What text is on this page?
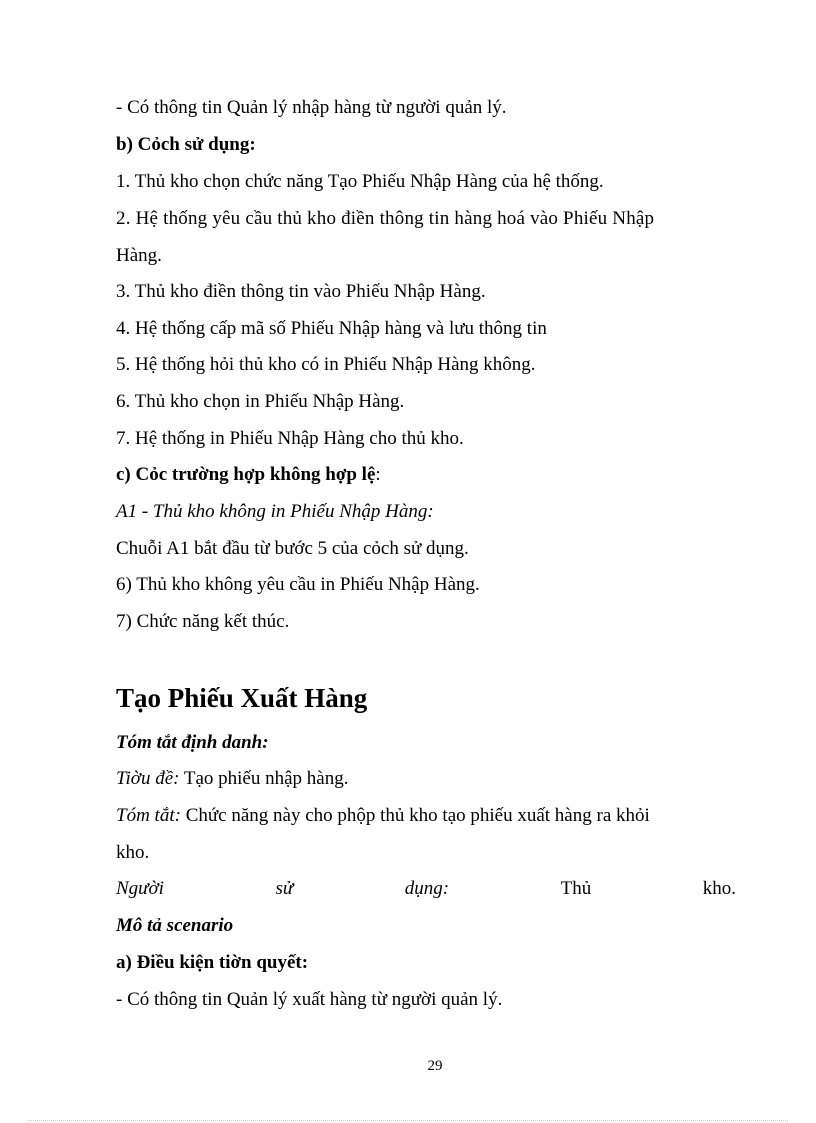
- Có thông tin Quản lý nhập hàng từ người quản lý.
b) Cỏch sử dụng:
1. Thủ kho chọn chức năng Tạo Phiếu Nhập Hàng của hệ thống.
2. Hệ thống yêu cầu thủ kho điền thông tin hàng hoá vào Phiếu Nhập
Hàng.
3. Thủ kho điền thông tin vào Phiếu Nhập Hàng.
4. Hệ thống cấp mã số Phiếu Nhập hàng và lưu thông tin
5. Hệ thống hỏi thủ kho có in Phiếu Nhập Hàng không.
6. Thủ kho chọn in Phiếu Nhập Hàng.
7. Hệ thống in Phiếu Nhập Hàng cho thủ kho.
c) Cỏc trường hợp không hợp lệ:
A1 - Thủ kho không in Phiếu Nhập Hàng:
Chuỗi A1 bắt đầu từ bước 5 của cỏch sử dụng.
6) Thủ kho không yêu cầu in Phiếu Nhập Hàng.
7) Chức năng kết thúc.
Tạo Phiếu Xuất Hàng
Tóm tắt định danh:
Tiờu đề: Tạo phiếu nhập hàng.
Tóm tắt: Chức năng này cho phộp thủ kho tạo phiếu xuất hàng ra khỏi
kho.
Người	sử	dụng:	Thủ	kho.
Mô tả scenario
a) Điều kiện tiờn quyết:
- Có thông tin Quản lý xuất hàng từ người quản lý.
29
